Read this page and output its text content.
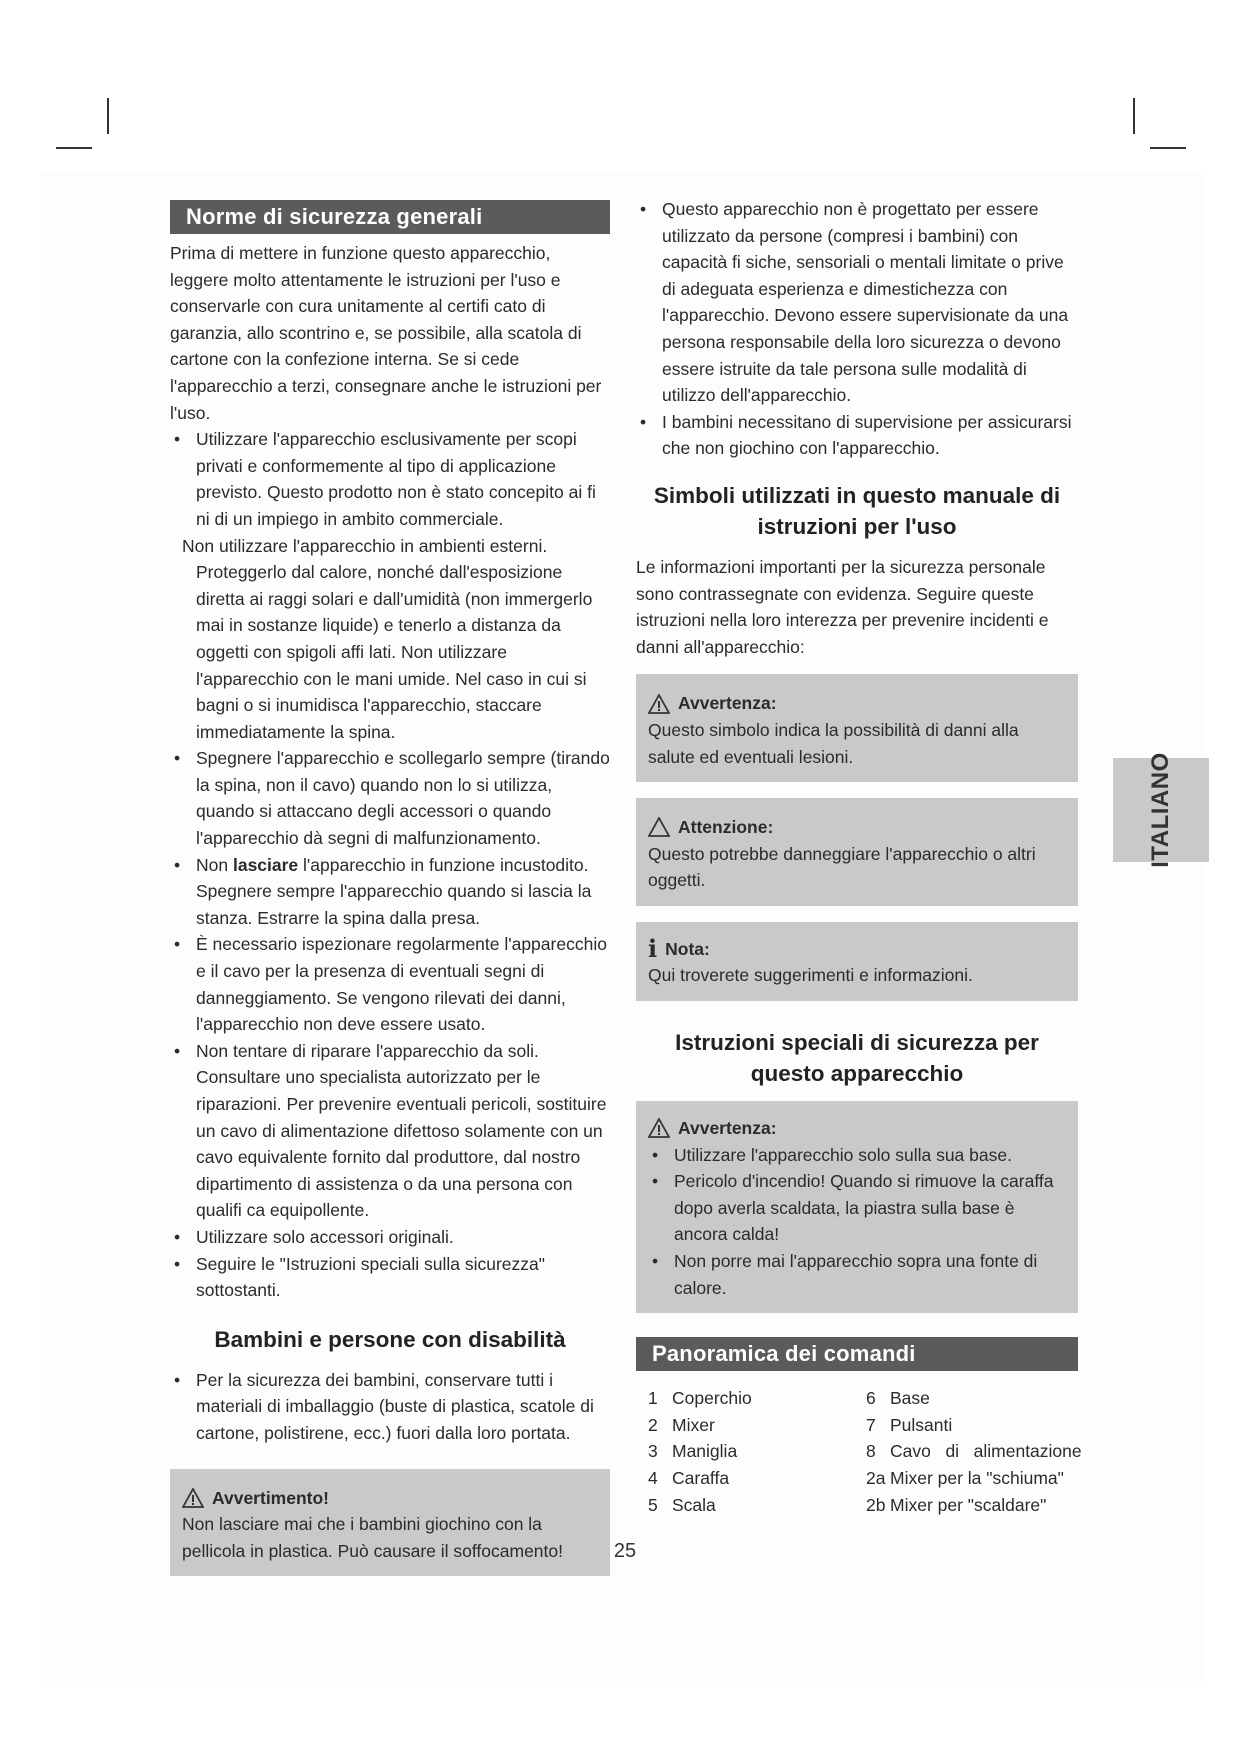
Norme di sicurezza generali

Prima di mettere in funzione questo apparecchio, leggere molto attentamente le istruzioni per l'uso e conservarle con cura unitamente al certifi cato di garanzia, allo scontrino e, se possibile, alla scatola di cartone con la confezione interna. Se si cede l'apparecchio a terzi, consegnare anche le istruzioni per l'uso.

• Utilizzare l'apparecchio esclusivamente per scopi privati e conformemente al tipo di applicazione previsto. Questo prodotto non è stato concepito ai fi ni di un impiego in ambito commerciale.
Non utilizzare l'apparecchio in ambienti esterni.
Proteggerlo dal calore, nonché dall'esposizione diretta ai raggi solari e dall'umidità (non immergerlo mai in sostanze liquide) e tenerlo a distanza da oggetti con spigoli affi lati. Non utilizzare l'apparecchio con le mani umide. Nel caso in cui si bagni o si inumidisca l'apparecchio, staccare immediatamente la spina.
• Spegnere l'apparecchio e scollegarlo sempre (tirando la spina, non il cavo) quando non lo si utilizza, quando si attaccano degli accessori o quando l'apparecchio dà segni di malfunzionamento.
• Non lasciare l'apparecchio in funzione incustodito. Spegnere sempre l'apparecchio quando si lascia la stanza. Estrarre la spina dalla presa.
• È necessario ispezionare regolarmente l'apparecchio e il cavo per la presenza di eventuali segni di danneggiamento. Se vengono rilevati dei danni, l'apparecchio non deve essere usato.
• Non tentare di riparare l'apparecchio da soli. Consultare uno specialista autorizzato per le riparazioni. Per prevenire eventuali pericoli, sostituire un cavo di alimentazione difettoso solamente con un cavo equivalente fornito dal produttore, dal nostro dipartimento di assistenza o da una persona con qualifi ca equipollente.
• Utilizzare solo accessori originali.
• Seguire le "Istruzioni speciali sulla sicurezza" sottostanti.
Bambini e persone con disabilità
• Per la sicurezza dei bambini, conservare tutti i materiali di imballaggio (buste di plastica, scatole di cartone, polistirene, ecc.) fuori dalla loro portata.
Avvertimento!
Non lasciare mai che i bambini giochino con la pellicola in plastica. Può causare il soffocamento!
• Questo apparecchio non è progettato per essere utilizzato da persone (compresi i bambini) con capacità fi siche, sensoriali o mentali limitate o prive di adeguata esperienza e dimestichezza con l'apparecchio. Devono essere supervisionate da una persona responsabile della loro sicurezza o devono essere istruite da tale persona sulle modalità di utilizzo dell'apparecchio.
• I bambini necessitano di supervisione per assicurarsi che non giochino con l'apparecchio.
Simboli utilizzati in questo manuale di istruzioni per l'uso

Le informazioni importanti per la sicurezza personale sono contrassegnate con evidenza. Seguire queste istruzioni nella loro interezza per prevenire incidenti e danni all'apparecchio:

Avvertenza:
Questo simbolo indica la possibilità di danni alla salute ed eventuali lesioni.
Attenzione:
Questo potrebbe danneggiare l'apparecchio o altri oggetti.
i Nota:
Qui troverete suggerimenti e informazioni.
Istruzioni speciali di sicurezza per questo apparecchio
Avvertenza:
• Utilizzare l'apparecchio solo sulla sua base.
• Pericolo d'incendio! Quando si rimuove la caraffa dopo averla scaldata, la piastra sulla base è ancora calda!
• Non porre mai l'apparecchio sopra una fonte di calore.
Panoramica dei comandi
1 Coperchio	6 Base
2 Mixer	7 Pulsanti
3 Maniglia	8 Cavo   di   alimentazione
4 Caraffa	2a Mixer per la "schiuma"
5 Scala	2b Mixer per "scaldare"
ITALIANO
25
